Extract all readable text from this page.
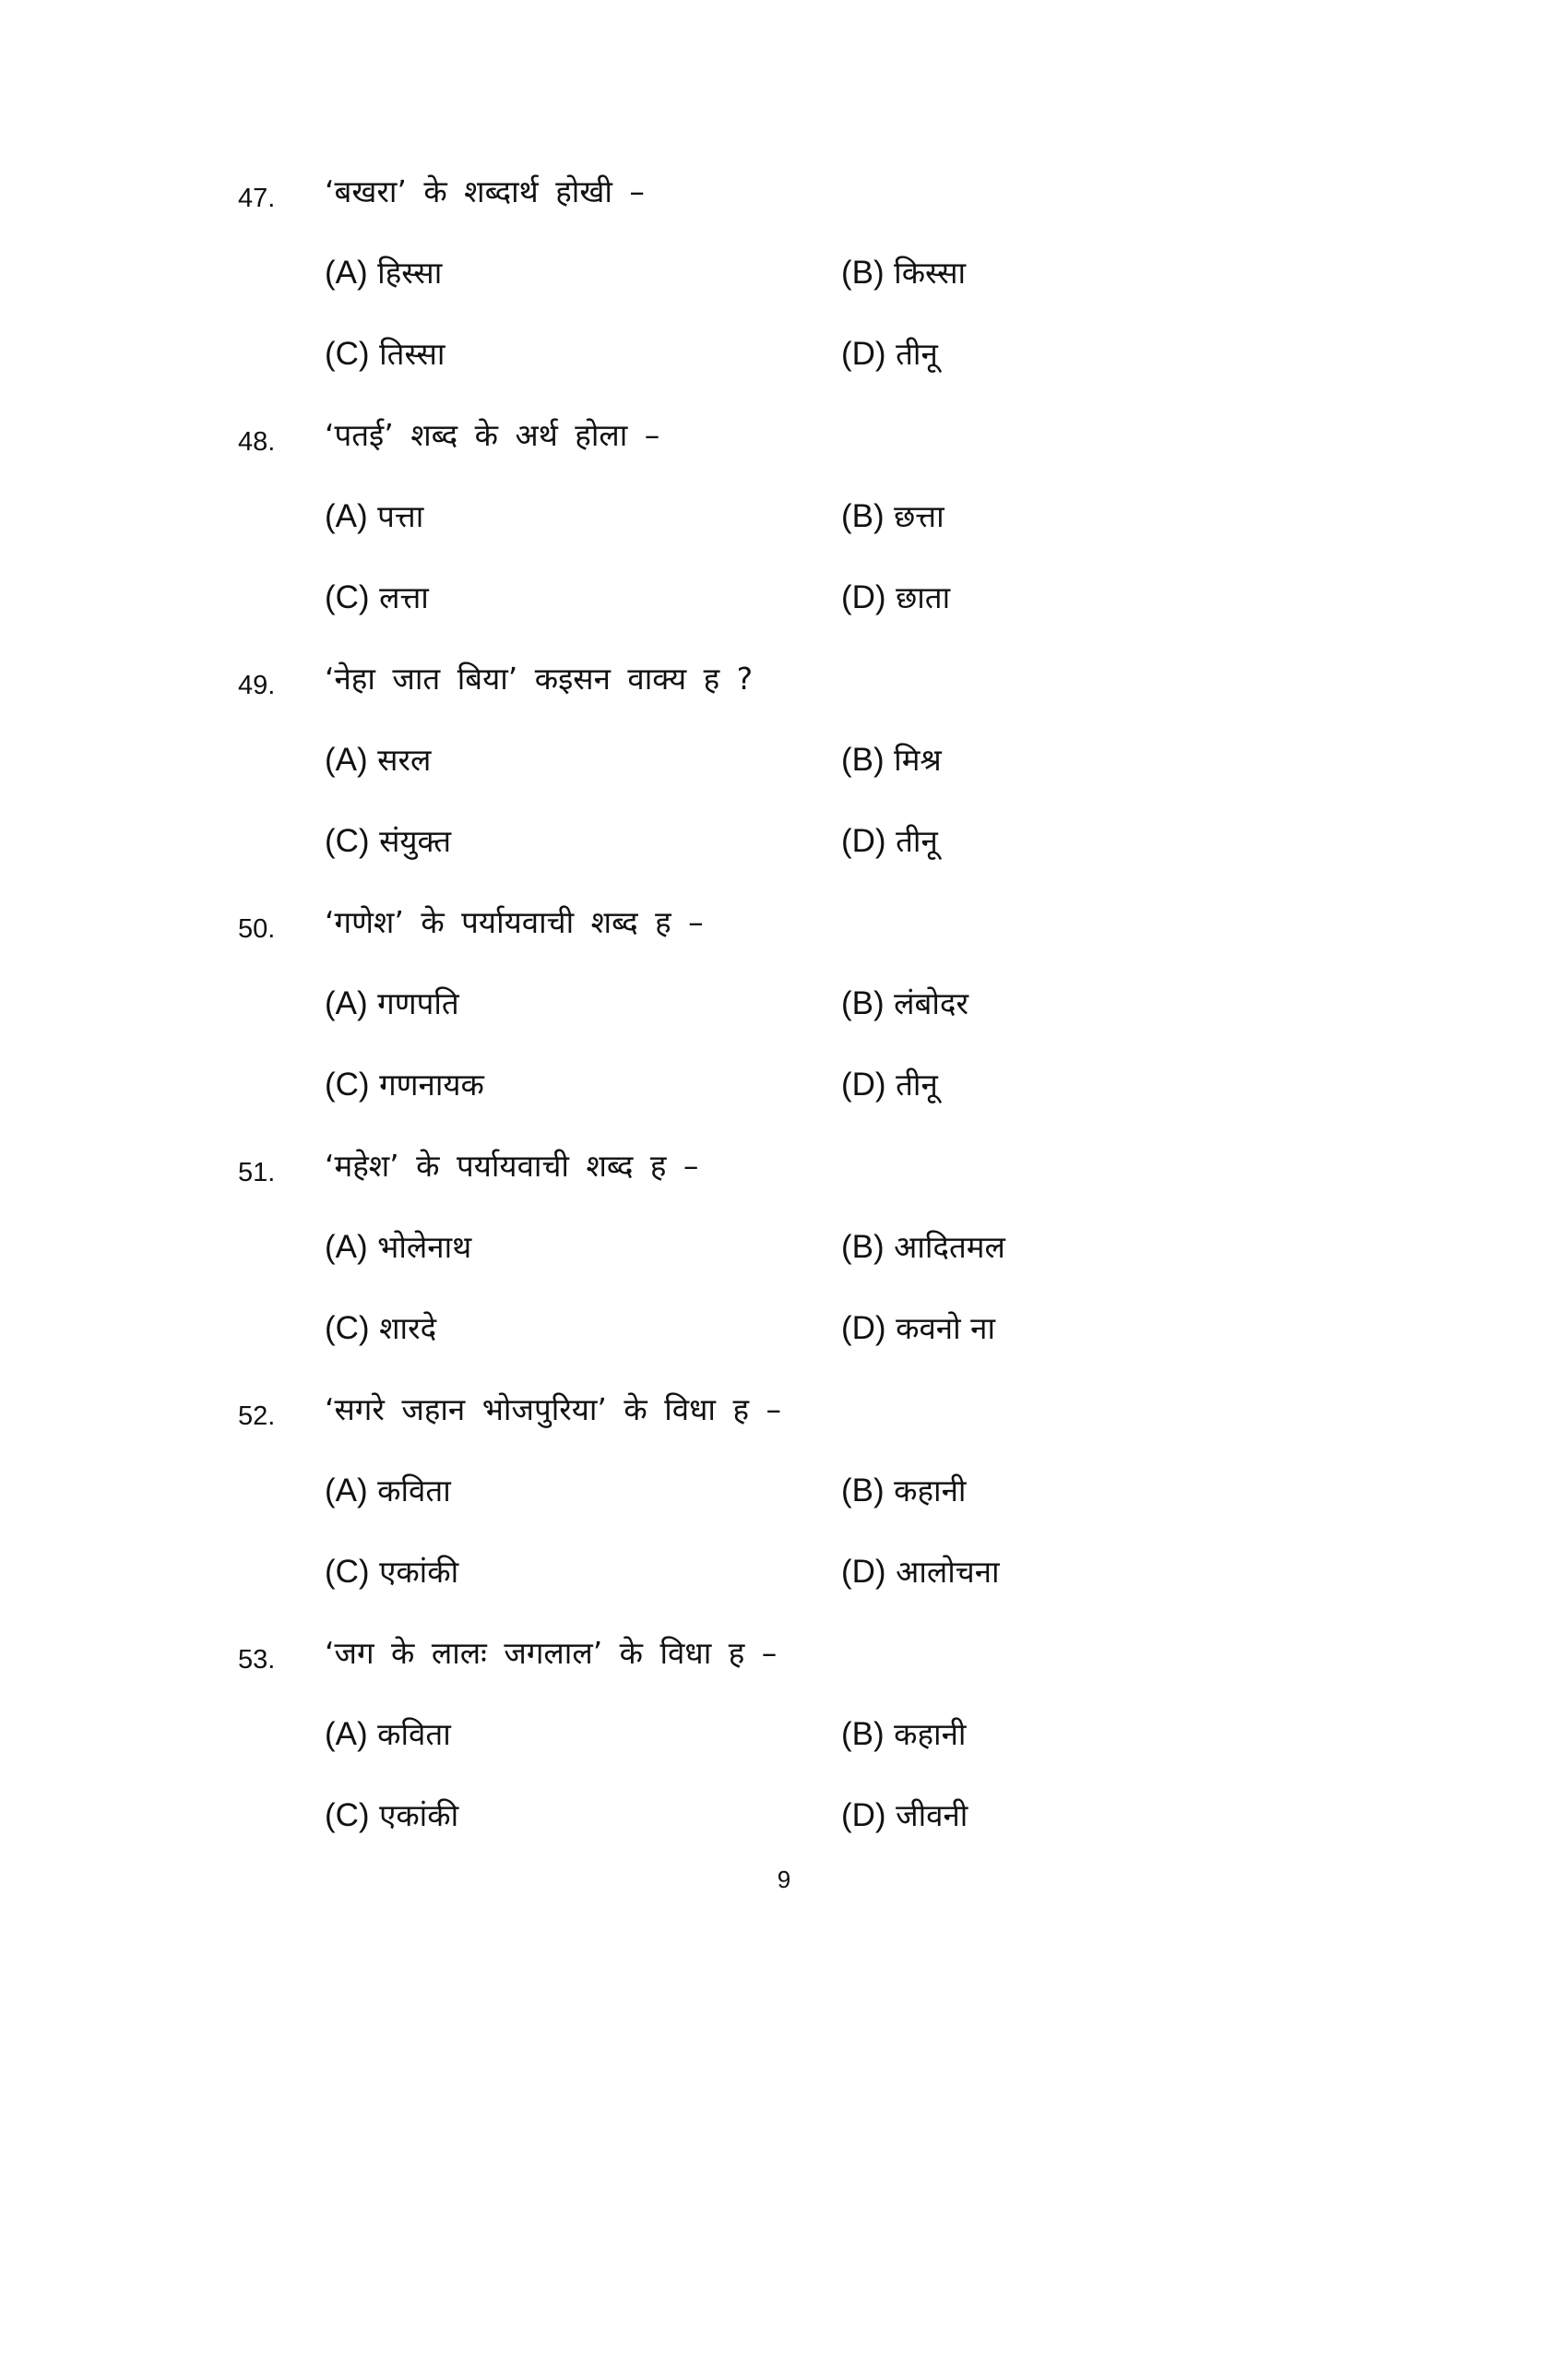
47. ‘बखरा’ के शब्दार्थ होखी –
(A) हिस्सा	(B) किस्सा
(C) तिस्सा	(D) तीनू
48. ‘पतई’ शब्द के अर्थ होला –
(A) पत्ता	(B) छत्ता
(C) लत्ता	(D) छाता
49. ‘नेहा जात बिया’ कइसन वाक्य ह ?
(A) सरल	(B) मिश्र
(C) संयुक्त	(D) तीनू
50. ‘गणेश’ के पर्यायवाची शब्द ह –
(A) गणपति	(B) लंबोदर
(C) गणनायक	(D) तीनू
51. ‘महेश’ के पर्यायवाची शब्द ह –
(A) भोलेनाथ	(B) आदितमल
(C) शारदे	(D) कवनो ना
52. ‘सगरे जहान भोजपुरिया’ के विधा ह –
(A) कविता	(B) कहानी
(C) एकांकी	(D) आलोचना
53. ‘जग के लालः जगलाल’ के विधा ह –
(A) कविता	(B) कहानी
(C) एकांकी	(D) जीवनी
9
